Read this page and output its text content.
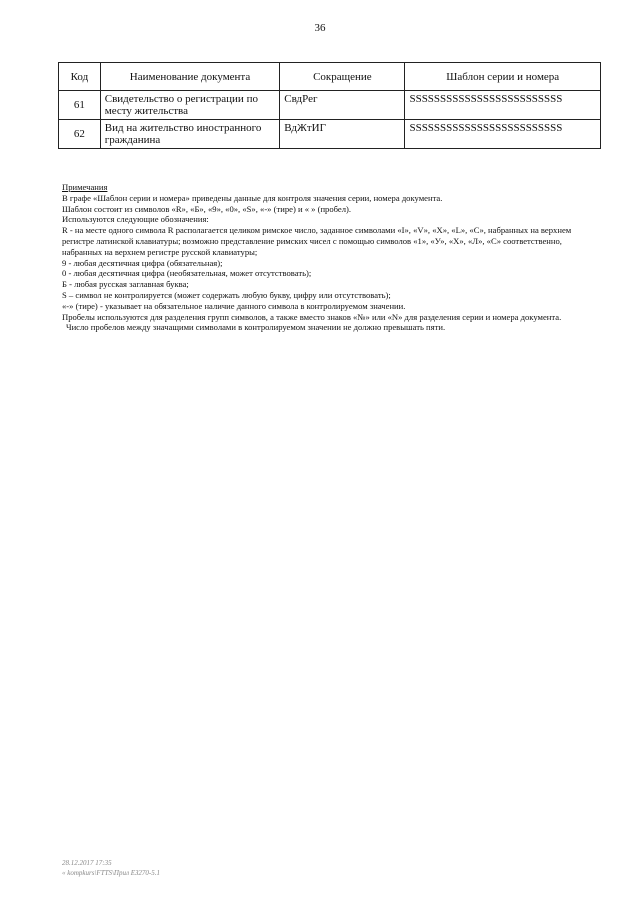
36
Код	Наименование документа	Сокращение	Шаблон серии и номера
61	Свидетельство о регистрации по месту жительства	СвдРег	SSSSSSSSSSSSSSSSSSSSSSSSS
62	Вид на жительство иностранного гражданина	ВдЖтИГ	SSSSSSSSSSSSSSSSSSSSSSSSS

Примечания

В графе «Шаблон серии и номера» приведены данные для контроля значения серии, номера документа.

Шаблон состоит из символов «R», «Б», «9», «0», «S», «-» (тире) и « » (пробел).

Используются следующие обозначения:

R - на месте одного символа R располагается целиком римское число, заданное символами «I», «V», «X», «L», «C», набранных на верхнем регистре латинской клавиатуры; возможно представление римских чисел с помощью символов «1», «У», «Х», «Л», «С» соответственно, набранных на верхнем регистре русской клавиатуры;

9 - любая десятичная цифра (обязательная);

0 - любая десятичная цифра (необязательная, может отсутствовать);

Б - любая русская заглавная буква;

S – символ не контролируется (может содержать любую букву, цифру или отсутствовать);

«-» (тире) - указывает на обязательное наличие данного символа в контролируемом значении.

Пробелы используются для разделения групп символов, а также вместо знаков «№» или «N» для разделения серии и номера документа.

Число пробелов между значащими символами в контролируемом значении не должно превышать пяти.

28.12.2017 17:35
« kompkurs\FTTS\Прил ЕЗ270-5.1
